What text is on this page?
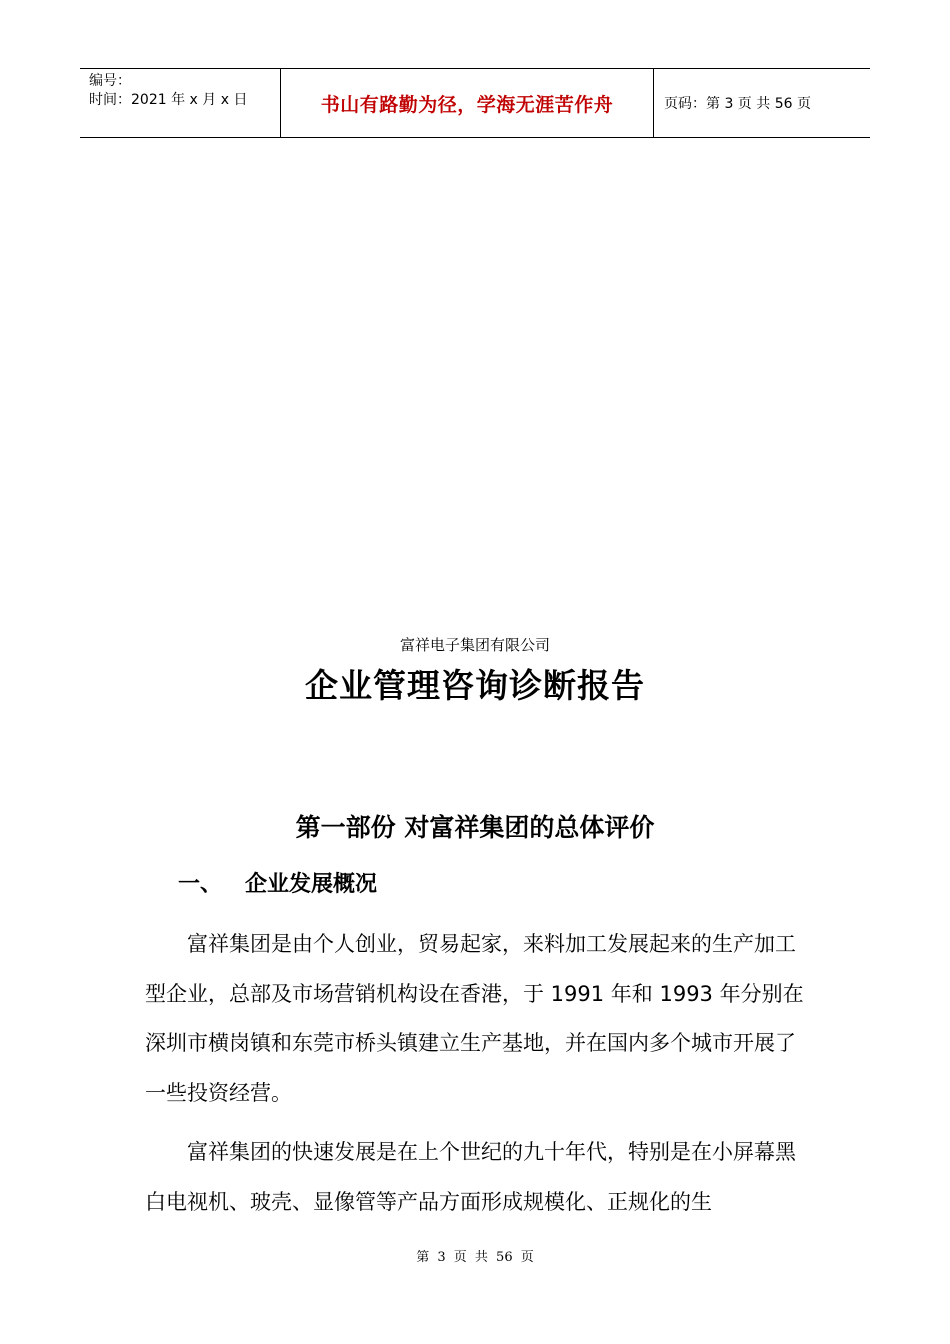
编号：
时间：2021 年 x 月 x 日	书山有路勤为径，学海无涯苦作舟	页码：第 3 页 共 56 页
富祥电子集团有限公司
企业管理咨询诊断报告
第一部份 对富祥集团的总体评价
一、	企业发展概况
富祥集团是由个人创业，贸易起家，来料加工发展起来的生产加工型企业，总部及市场营销机构设在香港，于 1991 年和 1993 年分别在深圳市横岗镇和东莞市桥头镇建立生产基地，并在国内多个城市开展了一些投资经营。
富祥集团的快速发展是在上个世纪的九十年代，特别是在小屏幕黑白电视机、玻壳、显像管等产品方面形成规模化、正规化的生
第 3 页 共 56 页
